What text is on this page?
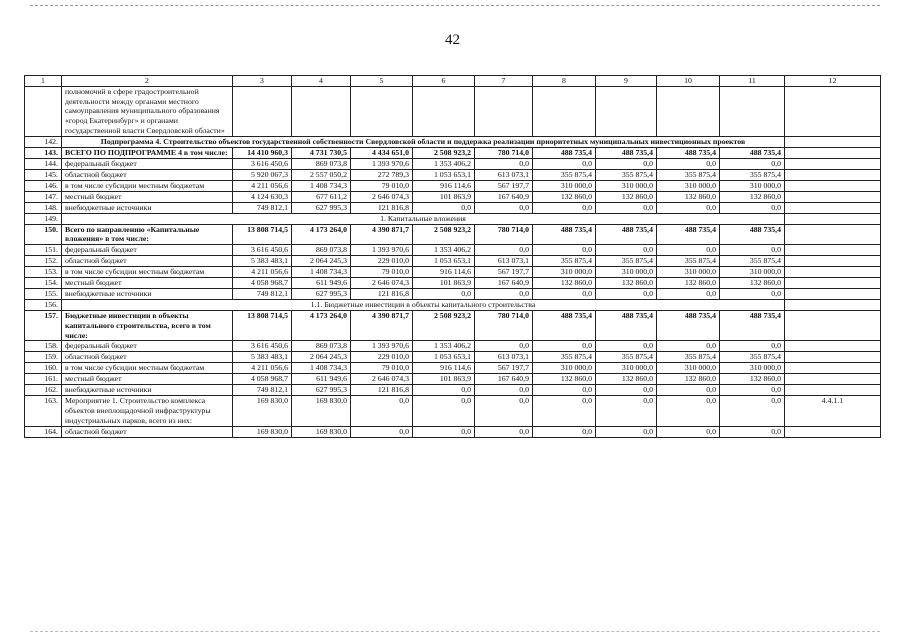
42
1	2	3	4	5	6	7	8	9	10	11	12
	полномочий в сфере градостроительной деятельности между органами местного самоуправления муниципального образования «город Екатеринбург» и органами государственной власти Свердловской области»										
142.	Подпрограмма 4. Строительство объектов государственной собственности Свердловской области и поддержка реализации приоритетных муниципальных инвестиционных проектов										
143.	ВСЕГО ПО ПОДПРОГРАММЕ 4 в том числе:	14 410 960,3	4 731 730,5	4 434 651,0	2 508 923,2	780 714,0	488 735,4	488 735,4	488 735,4	488 735,4	
144.	федеральный бюджет	3 616 450,6	869 073,8	1 393 970,6	1 353 406,2	0,0	0,0	0,0	0,0	0,0	
145.	областной бюджет	5 920 067,3	2 557 050,2	272 789,3	1 053 653,1	613 073,1	355 875,4	355 875,4	355 875,4	355 875,4	
146.	в том числе субсидии местным бюджетам	4 211 056,6	1 408 734,3	79 010,0	916 114,6	567 197,7	310 000,0	310 000,0	310 000,0	310 000,0	
147.	местный бюджет	4 124 630,3	677 611,2	2 646 074,3	101 863,9	167 640,9	132 860,0	132 860,0	132 860,0	132 860,0	
148.	внебюджетные источники	749 812,1	627 995,3	121 816,8	0,0	0,0	0,0	0,0	0,0	0,0	
149.	1. Капитальные вложения										
150.	Всего по направлению «Капитальные вложения» в том числе:	13 808 714,5	4 173 264,0	4 390 871,7	2 508 923,2	780 714,0	488 735,4	488 735,4	488 735,4	488 735,4	
151.	федеральный бюджет	3 616 450,6	869 073,8	1 393 970,6	1 353 406,2	0,0	0,0	0,0	0,0	0,0	
152.	областной бюджет	5 383 483,1	2 064 245,3	229 010,0	1 053 653,1	613 073,1	355 875,4	355 875,4	355 875,4	355 875,4	
153.	в том числе субсидии местным бюджетам	4 211 056,6	1 408 734,3	79 010,0	916 114,6	567 197,7	310 000,0	310 000,0	310 000,0	310 000,0	
154.	местный бюджет	4 058 968,7	611 949,6	2 646 074,3	101 863,9	167 640,9	132 860,0	132 860,0	132 860,0	132 860,0	
155.	внебюджетные источники	749 812,1	627 995,3	121 816,8	0,0	0,0	0,0	0,0	0,0	0,0	
156.	1.1. Бюджетные инвестиции в объекты капитального строительства										
157.	Бюджетные инвестиции в объекты капитального строительства, всего в том числе:	13 808 714,5	4 173 264,0	4 390 871,7	2 508 923,2	780 714,0	488 735,4	488 735,4	488 735,4	488 735,4	
158.	федеральный бюджет	3 616 450,6	869 073,8	1 393 970,6	1 353 406,2	0,0	0,0	0,0	0,0	0,0	
159.	областной бюджет	5 383 483,1	2 064 245,3	229 010,0	1 053 653,1	613 073,1	355 875,4	355 875,4	355 875,4	355 875,4	
160.	в том числе субсидии местным бюджетам	4 211 056,6	1 408 734,3	79 010,0	916 114,6	567 197,7	310 000,0	310 000,0	310 000,0	310 000,0	
161.	местный бюджет	4 058 968,7	611 949,6	2 646 074,3	101 863,9	167 640,9	132 860,0	132 860,0	132 860,0	132 860,0	
162.	внебюджетные источники	749 812,1	627 995,3	121 816,8	0,0	0,0	0,0	0,0	0,0	0,0	
163.	Мероприятие 1. Строительство комплекса объектов внеплощадочной инфраструктуры индустриальных парков, всего из них:	169 830,0	169 830,0	0,0	0,0	0,0	0,0	0,0	0,0	0,0	4.4.1.1
164.	областной бюджет	169 830,0	169 830,0	0,0	0,0	0,0	0,0	0,0	0,0	0,0	
